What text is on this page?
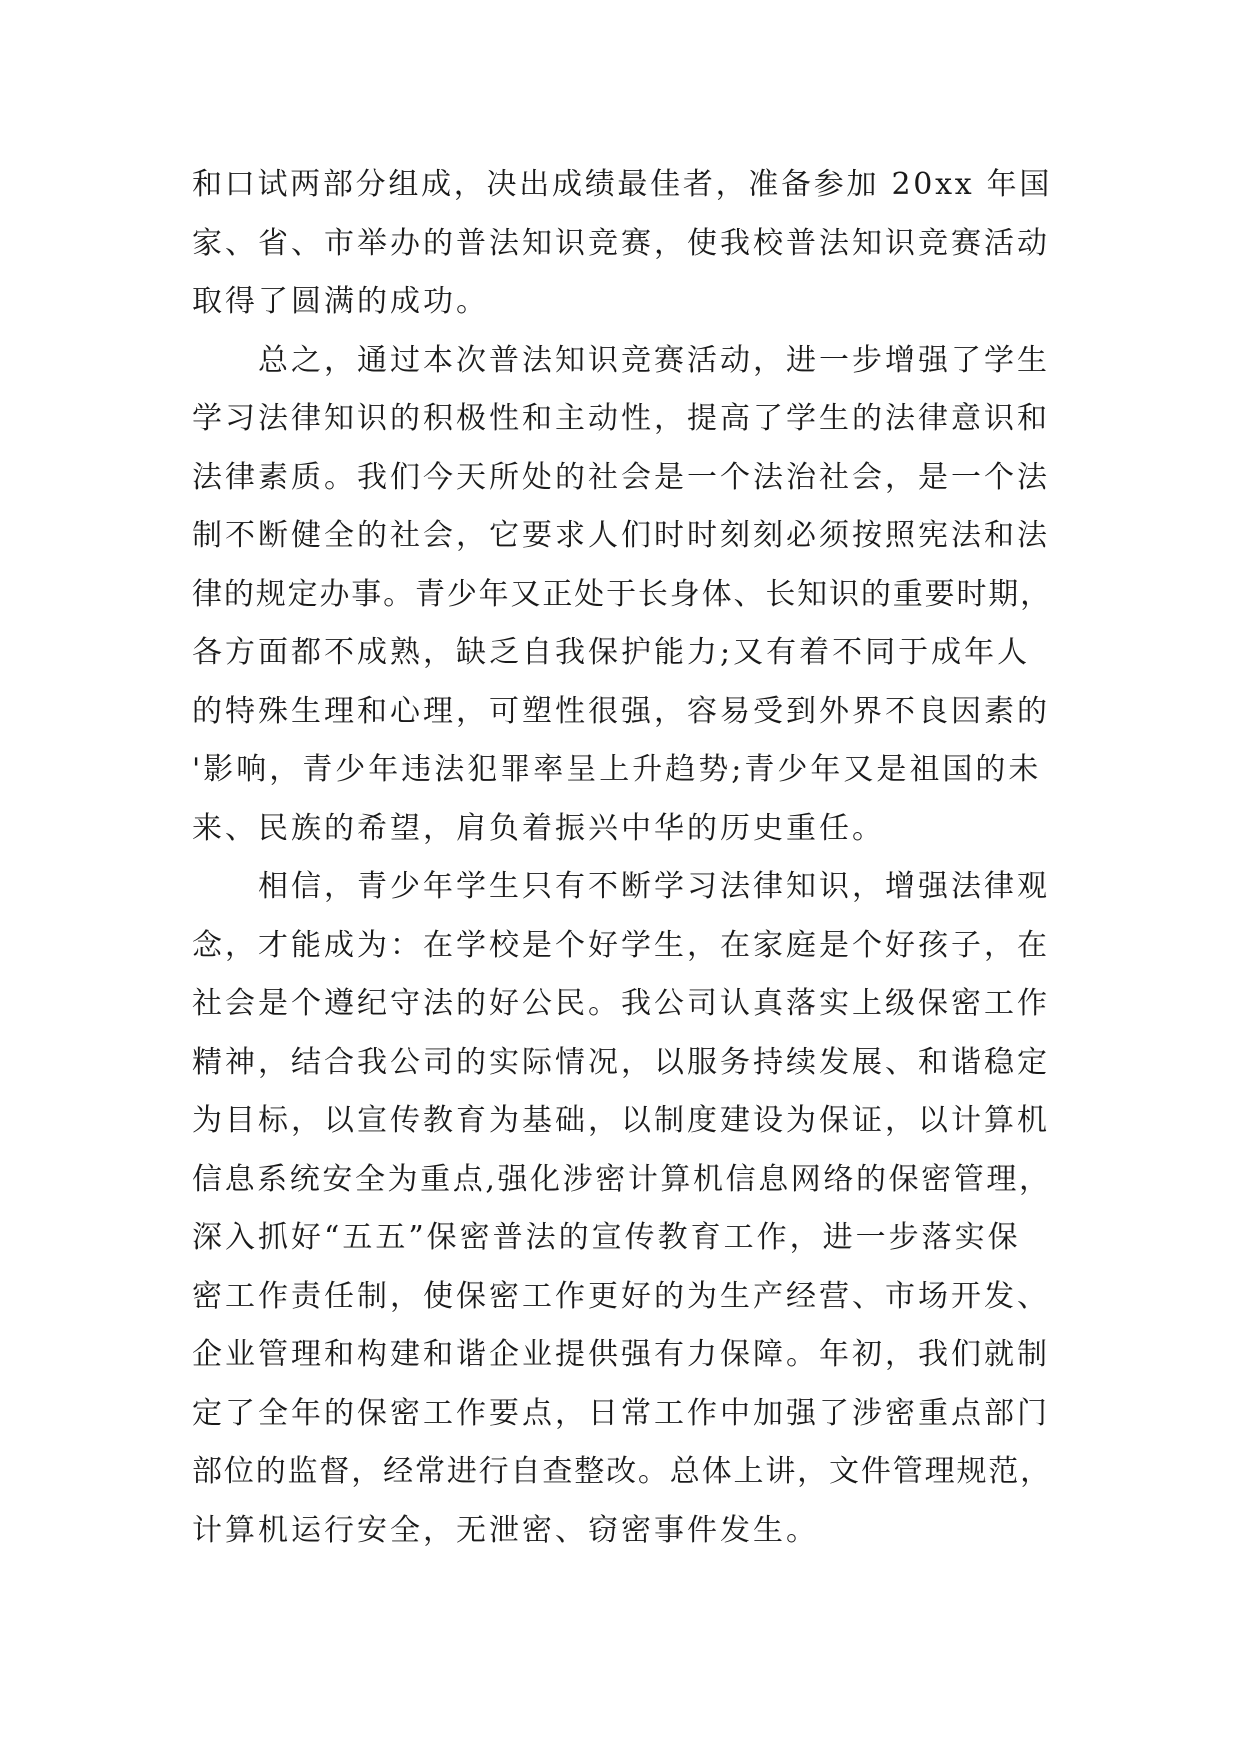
和口试两部分组成，决出成绩最佳者，准备参加 20xx 年国
家、省、市举办的普法知识竞赛，使我校普法知识竞赛活动
取得了圆满的成功。
总之，通过本次普法知识竞赛活动，进一步增强了学生
学习法律知识的积极性和主动性，提高了学生的法律意识和
法律素质。我们今天所处的社会是一个法治社会，是一个法
制不断健全的社会，它要求人们时时刻刻必须按照宪法和法
律的规定办事。青少年又正处于长身体、长知识的重要时期，
各方面都不成熟，缺乏自我保护能力;又有着不同于成年人
的特殊生理和心理，可塑性很强，容易受到外界不良因素的
'影响，青少年违法犯罪率呈上升趋势;青少年又是祖国的未
来、民族的希望，肩负着振兴中华的历史重任。
相信，青少年学生只有不断学习法律知识，增强法律观
念，才能成为：在学校是个好学生，在家庭是个好孩子，在
社会是个遵纪守法的好公民。我公司认真落实上级保密工作
精神，结合我公司的实际情况，以服务持续发展、和谐稳定
为目标，以宣传教育为基础，以制度建设为保证，以计算机
信息系统安全为重点,强化涉密计算机信息网络的保密管理，
深入抓好“五五”保密普法的宣传教育工作，进一步落实保
密工作责任制，使保密工作更好的为生产经营、市场开发、
企业管理和构建和谐企业提供强有力保障。年初，我们就制
定了全年的保密工作要点，日常工作中加强了涉密重点部门
部位的监督，经常进行自查整改。总体上讲，文件管理规范，
计算机运行安全，无泄密、窃密事件发生。
